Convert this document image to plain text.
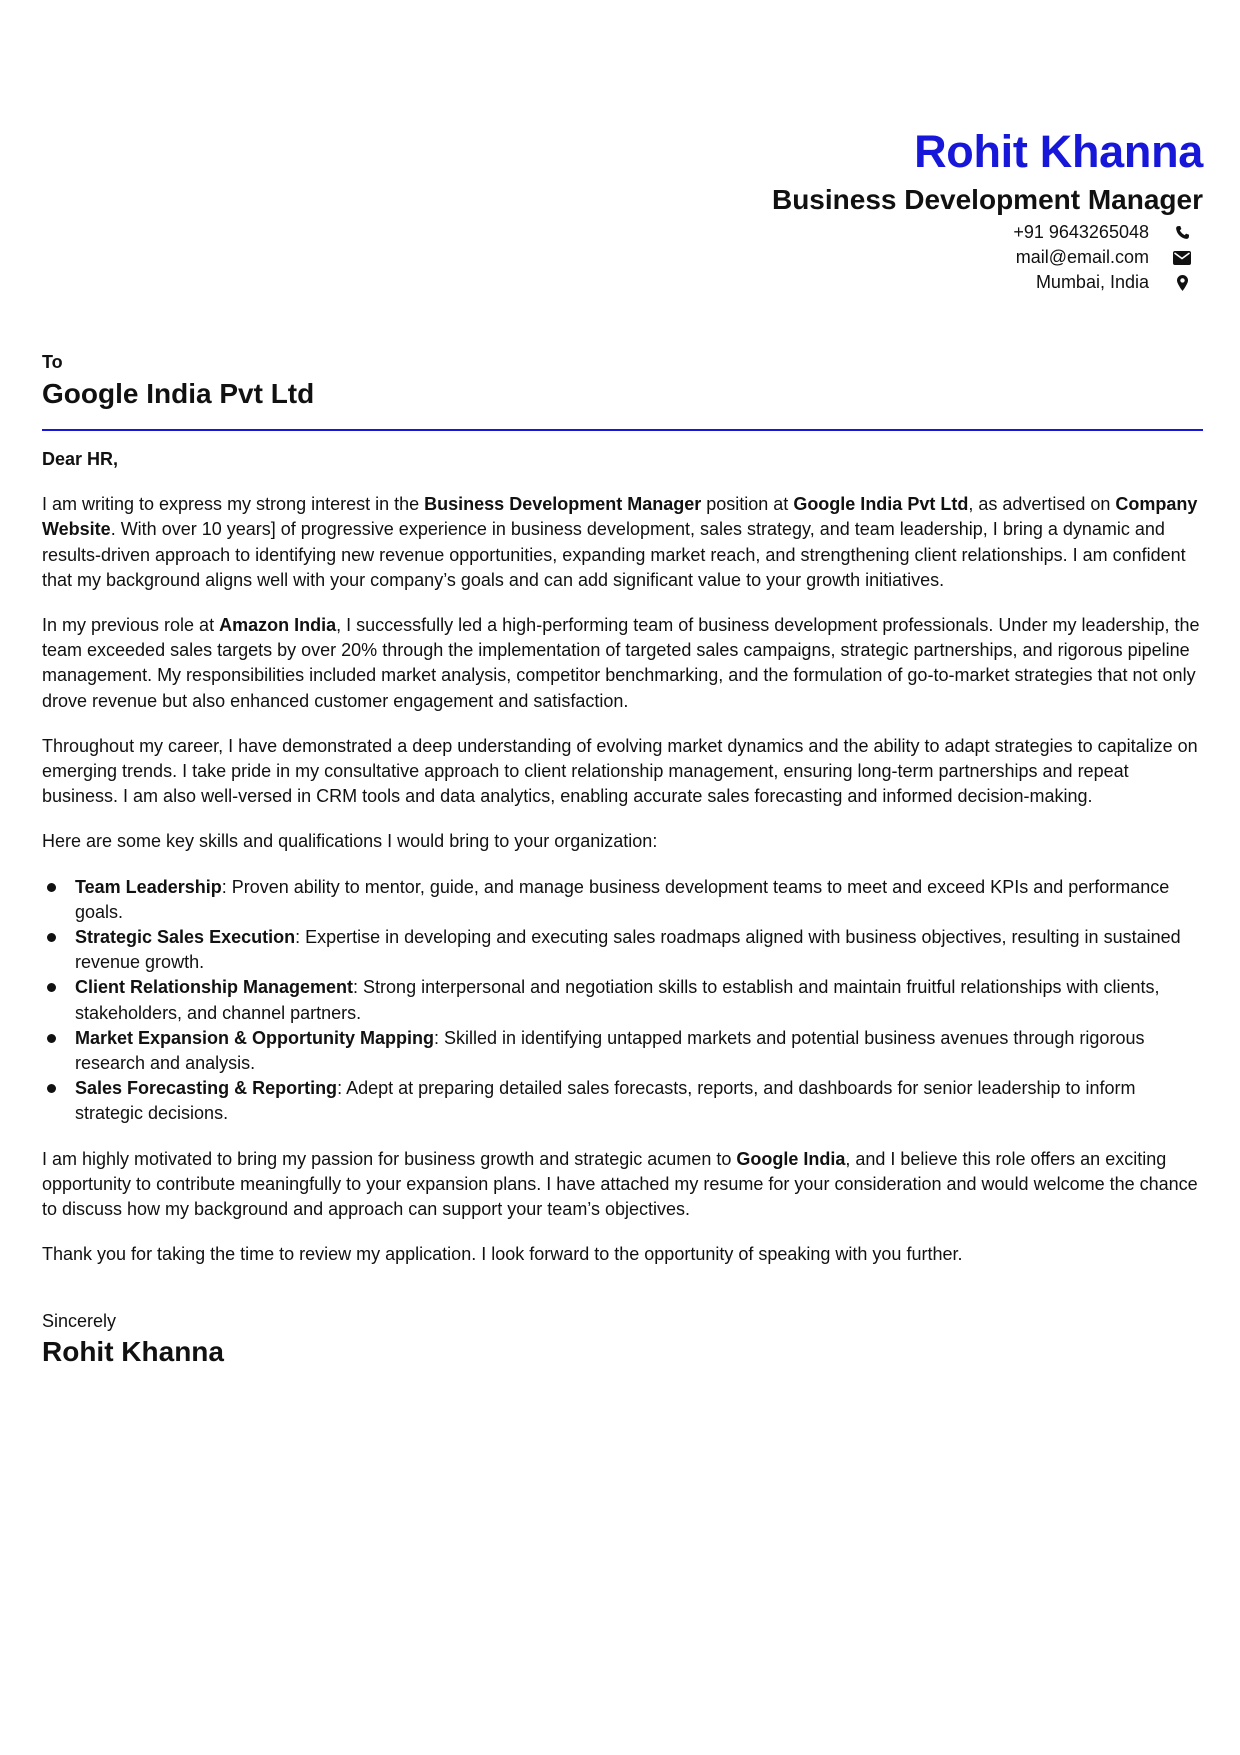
Rohit Khanna
Business Development Manager
+91 9643265048
mail@email.com
Mumbai, India
To
Google India Pvt Ltd
Dear HR,

I am writing to express my strong interest in the Business Development Manager position at Google India Pvt Ltd, as advertised on Company Website. With over 10 years] of progressive experience in business development, sales strategy, and team leadership, I bring a dynamic and results-driven approach to identifying new revenue opportunities, expanding market reach, and strengthening client relationships. I am confident that my background aligns well with your company’s goals and can add significant value to your growth initiatives.

In my previous role at Amazon India, I successfully led a high-performing team of business development professionals. Under my leadership, the team exceeded sales targets by over 20% through the implementation of targeted sales campaigns, strategic partnerships, and rigorous pipeline management. My responsibilities included market analysis, competitor benchmarking, and the formulation of go-to-market strategies that not only drove revenue but also enhanced customer engagement and satisfaction.

Throughout my career, I have demonstrated a deep understanding of evolving market dynamics and the ability to adapt strategies to capitalize on emerging trends. I take pride in my consultative approach to client relationship management, ensuring long-term partnerships and repeat business. I am also well-versed in CRM tools and data analytics, enabling accurate sales forecasting and informed decision-making.

Here are some key skills and qualifications I would bring to your organization:

Team Leadership: Proven ability to mentor, guide, and manage business development teams to meet and exceed KPIs and performance goals.
Strategic Sales Execution: Expertise in developing and executing sales roadmaps aligned with business objectives, resulting in sustained revenue growth.
Client Relationship Management: Strong interpersonal and negotiation skills to establish and maintain fruitful relationships with clients, stakeholders, and channel partners.
Market Expansion & Opportunity Mapping: Skilled in identifying untapped markets and potential business avenues through rigorous research and analysis.
Sales Forecasting & Reporting: Adept at preparing detailed sales forecasts, reports, and dashboards for senior leadership to inform strategic decisions.

I am highly motivated to bring my passion for business growth and strategic acumen to Google India, and I believe this role offers an exciting opportunity to contribute meaningfully to your expansion plans. I have attached my resume for your consideration and would welcome the chance to discuss how my background and approach can support your team’s objectives.

Thank you for taking the time to review my application. I look forward to the opportunity of speaking with you further.

Sincerely
Rohit Khanna
